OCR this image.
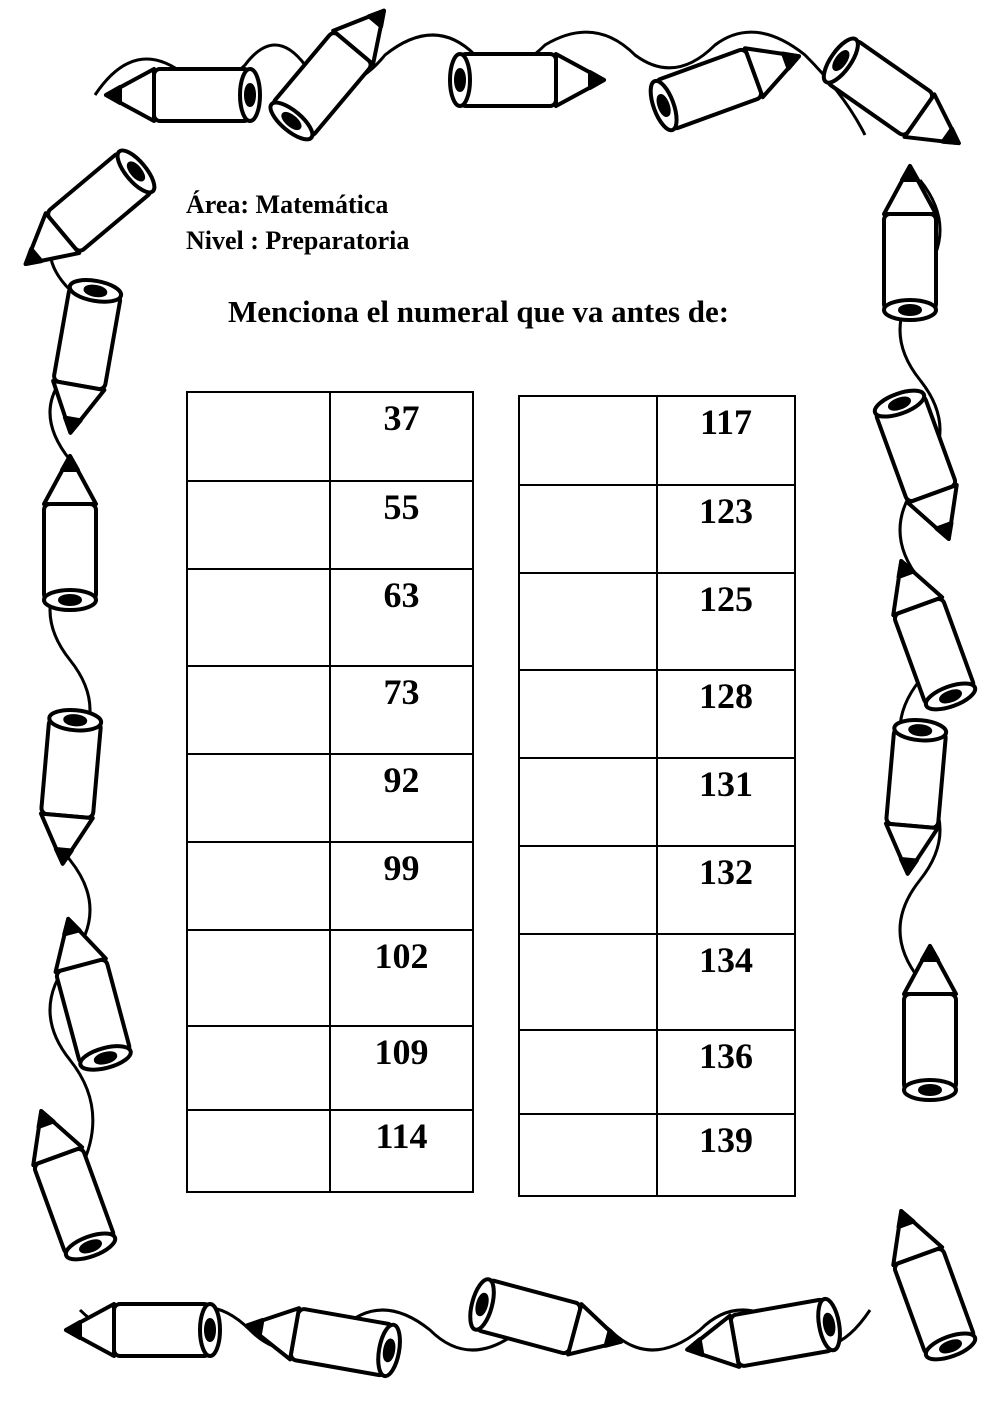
Área: Matemática
Nivel : Preparatoria
Menciona el numeral que va antes de:
	37
	55
	63
	73
	92
	99
	102
	109
	114
	117
	123
	125
	128
	131
	132
	134
	136
	139
